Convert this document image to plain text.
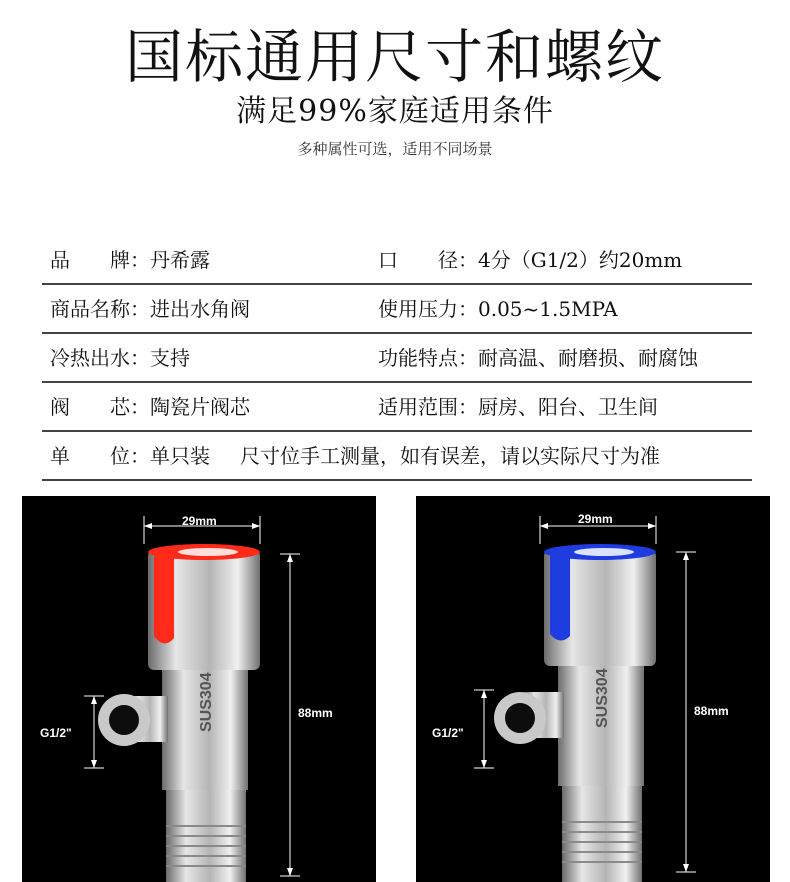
国标通用尺寸和螺纹
满足99%家庭适用条件
多种属性可选，适用不同场景
品　　牌：丹希露	口　　径：4分（G1/2）约20mm
商品名称：进出水角阀	使用压力：0.05~1.5MPA
冷热出水：支持	功能特点：耐高温、耐磨损、耐腐蚀
阀　　芯：陶瓷片阀芯	适用范围：厨房、阳台、卫生间
单　　位：单只装 尺寸位手工测量，如有误差，请以实际尺寸为准
29mm
88mm
G1/2"
SUS304
29mm
88mm
G1/2"
SUS304
